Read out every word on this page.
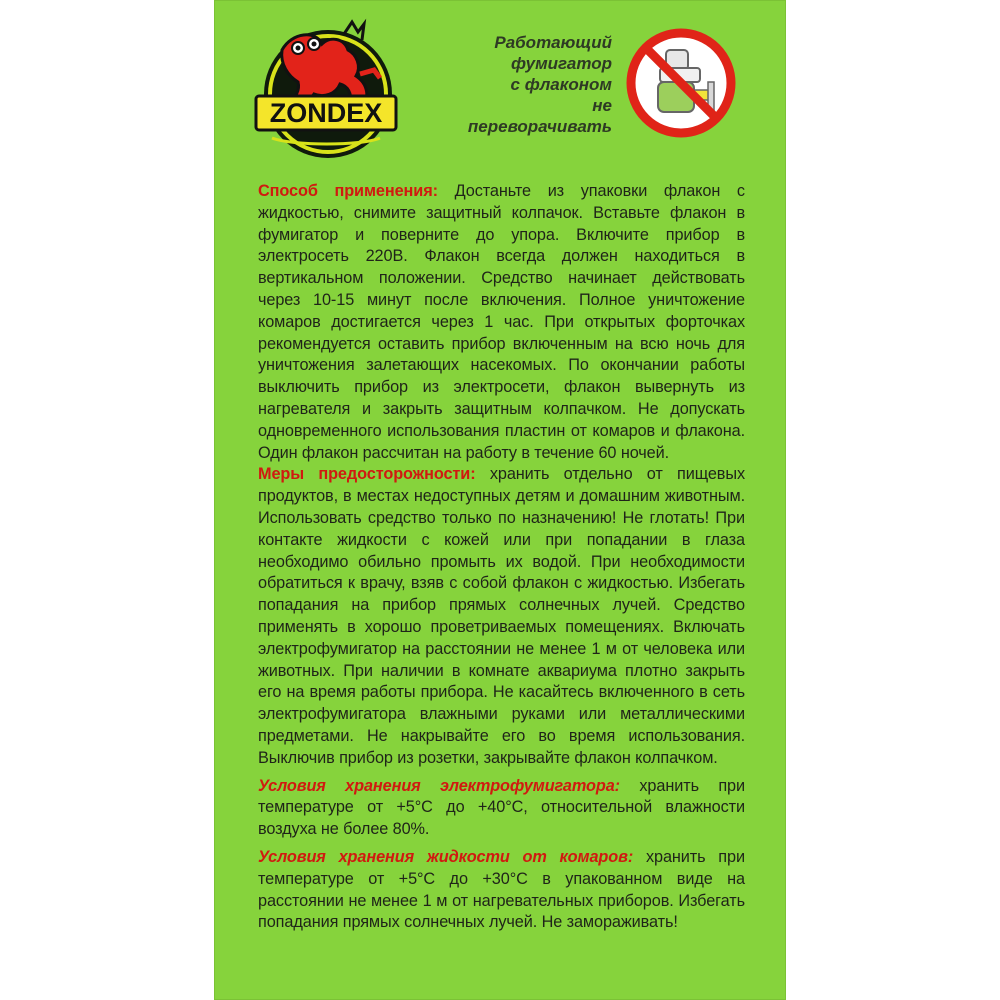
ZONDEX
Работающий
фумигатор
с флаконом
не переворачивать

Способ применения: Достаньте из упаковки флакон с жидкостью, снимите защитный колпачок. Вставьте флакон в фумигатор и поверните до упора. Включите прибор в электросеть 220В. Флакон всегда должен находиться в вертикальном положении. Средство начинает действовать через 10-15 минут после включения. Полное уничтожение комаров достигается через 1 час. При открытых форточках рекомендуется оставить прибор включенным на всю ночь для уничтожения залетающих насекомых. По окончании работы выключить прибор из электросети, флакон вывернуть из нагревателя и закрыть защитным колпачком. Не допускать одновременного использования пластин от комаров и флакона. Один флакон рассчитан на работу в течение 60 ночей.

Меры предосторожности: хранить отдельно от пищевых продуктов, в местах недоступных детям и домашним животным. Использовать средство только по назначению! Не глотать! При контакте жидкости с кожей или при попадании в глаза необходимо обильно промыть их водой. При необходимости обратиться к врачу, взяв с собой флакон с жидкостью. Избегать попадания на прибор прямых солнечных лучей. Средство применять в хорошо проветриваемых помещениях. Включать электрофумигатор на расстоянии не менее 1 м от человека или животных. При наличии в комнате аквариума плотно закрыть его на время работы прибора. Не касайтесь включенного в сеть электрофумигатора влажными руками или металлическими предметами. Не накрывайте его во время использования. Выключив прибор из розетки, закрывайте флакон колпачком.

Условия хранения электрофумигатора: хранить при температуре от +5°С до +40°С, относительной влажности воздуха не более 80%.

Условия хранения жидкости от комаров: хранить при температуре от +5°С до +30°С в упакованном виде на расстоянии не менее 1 м от нагревательных приборов. Избегать попадания прямых солнечных лучей. Не замораживать!
